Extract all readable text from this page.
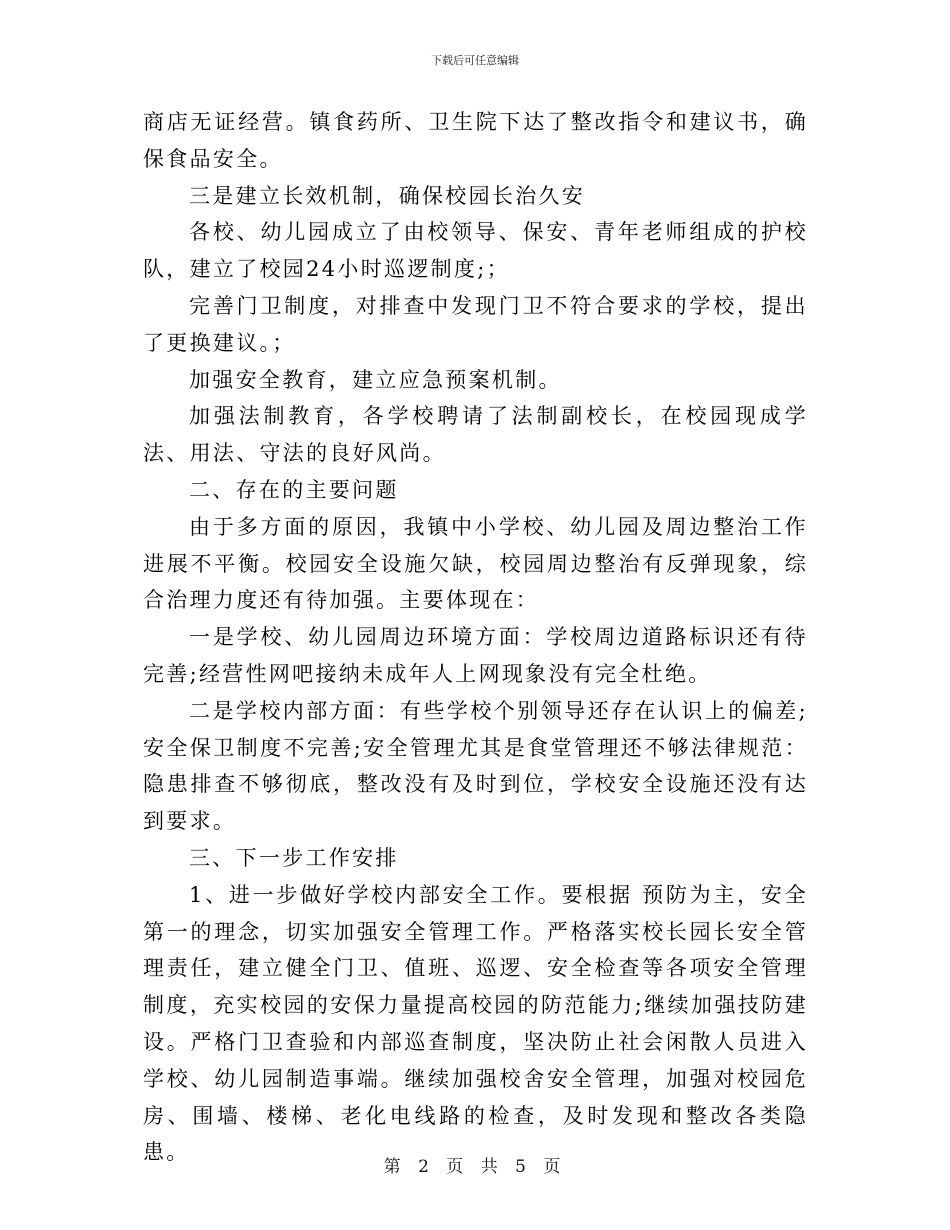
下载后可任意编辑

商店无证经营。镇食药所、卫生院下达了整改指令和建议书，确保食品安全。

三是建立长效机制，确保校园长治久安

各校、幼儿园成立了由校领导、保安、青年老师组成的护校队，建立了校园24小时巡逻制度;；

完善门卫制度，对排查中发现门卫不符合要求的学校，提出了更换建议。；

加强安全教育，建立应急预案机制。

加强法制教育，各学校聘请了法制副校长，在校园现成学法、用法、守法的良好风尚。

二、存在的主要问题

由于多方面的原因，我镇中小学校、幼儿园及周边整治工作进展不平衡。校园安全设施欠缺，校园周边整治有反弹现象，综合治理力度还有待加强。主要体现在：

一是学校、幼儿园周边环境方面：学校周边道路标识还有待完善;经营性网吧接纳未成年人上网现象没有完全杜绝。

二是学校内部方面：有些学校个别领导还存在认识上的偏差;安全保卫制度不完善;安全管理尤其是食堂管理还不够法律规范：隐患排查不够彻底，整改没有及时到位，学校安全设施还没有达到要求。

三、下一步工作安排

1、进一步做好学校内部安全工作。要根据 预防为主，安全第一的理念，切实加强安全管理工作。严格落实校长园长安全管理责任，建立健全门卫、值班、巡逻、安全检查等各项安全管理制度，充实校园的安保力量提高校园的防范能力;继续加强技防建设。严格门卫查验和内部巡查制度，坚决防止社会闲散人员进入学校、幼儿园制造事端。继续加强校舍安全管理，加强对校园危房、围墙、楼梯、老化电线路的检查，及时发现和整改各类隐患。

第 2 页 共 5 页
